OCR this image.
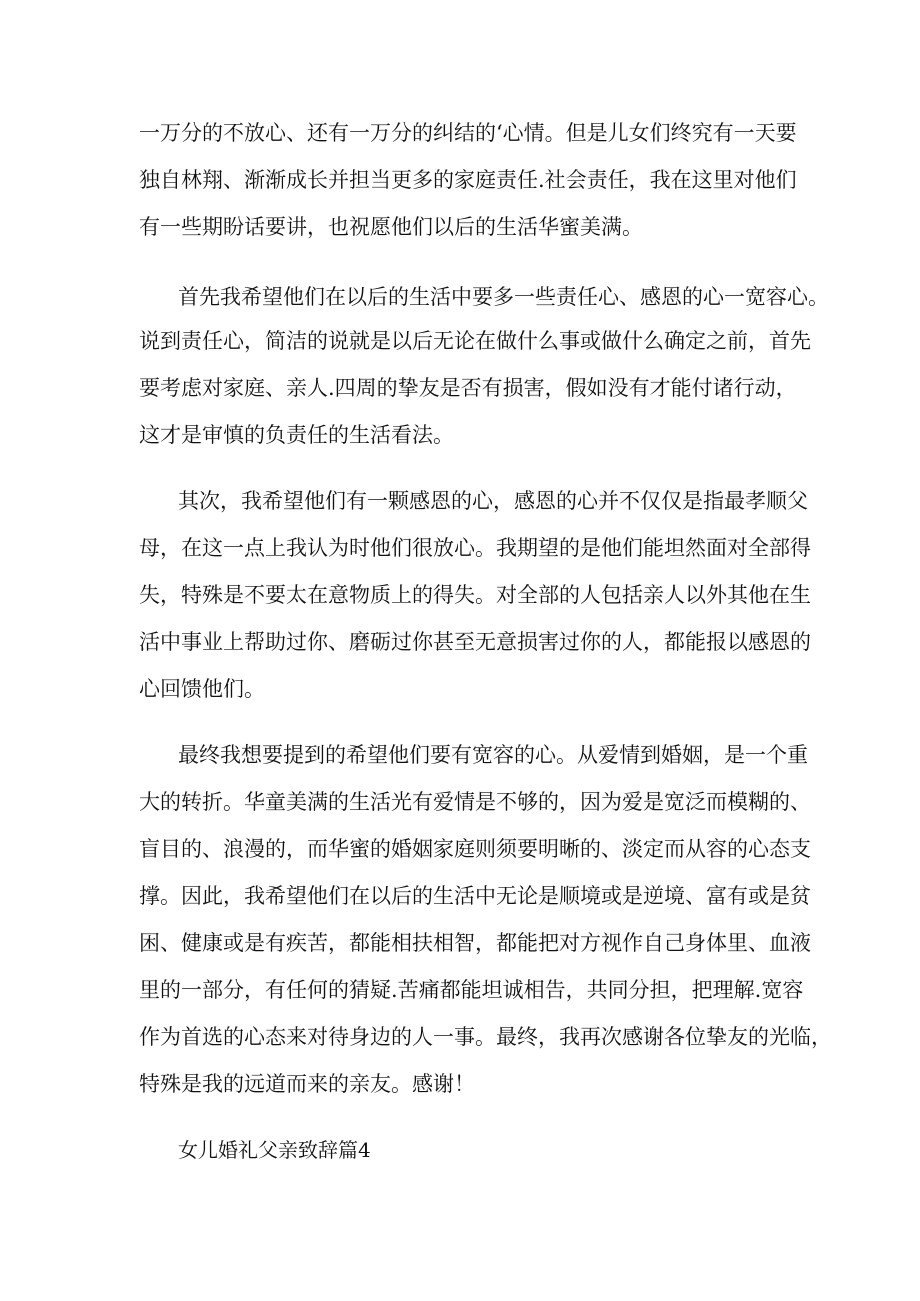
一万分的不放心、还有一万分的纠结的‘心情。但是儿女们终究有一天要
独自林翔、渐渐成长并担当更多的家庭责任.社会责任，我在这里对他们
有一些期盼话要讲，也祝愿他们以后的生活华蜜美满。
首先我希望他们在以后的生活中要多一些责任心、感恩的心一宽容心。
说到责任心，简洁的说就是以后无论在做什么事或做什么确定之前，首先
要考虑对家庭、亲人.四周的挚友是否有损害，假如没有才能付诸行动，
这才是审慎的负责任的生活看法。
其次，我希望他们有一颗感恩的心，感恩的心并不仅仅是指最孝顺父
母，在这一点上我认为时他们很放心。我期望的是他们能坦然面对全部得
失，特殊是不要太在意物质上的得失。对全部的人包括亲人以外其他在生
活中事业上帮助过你、磨砺过你甚至无意损害过你的人，都能报以感恩的
心回馈他们。
最终我想要提到的希望他们要有宽容的心。从爱情到婚姻，是一个重
大的转折。华童美满的生活光有爱情是不够的，因为爱是宽泛而模糊的、
盲目的、浪漫的，而华蜜的婚姻家庭则须要明晰的、淡定而从容的心态支
撑。因此，我希望他们在以后的生活中无论是顺境或是逆境、富有或是贫
困、健康或是有疾苦，都能相扶相智，都能把对方视作自己身体里、血液
里的一部分，有任何的猜疑.苦痛都能坦诚相告，共同分担，把理解.宽容
作为首选的心态来对待身边的人一事。最终，我再次感谢各位挚友的光临，
特殊是我的远道而来的亲友。感谢！
女儿婚礼父亲致辞篇4
